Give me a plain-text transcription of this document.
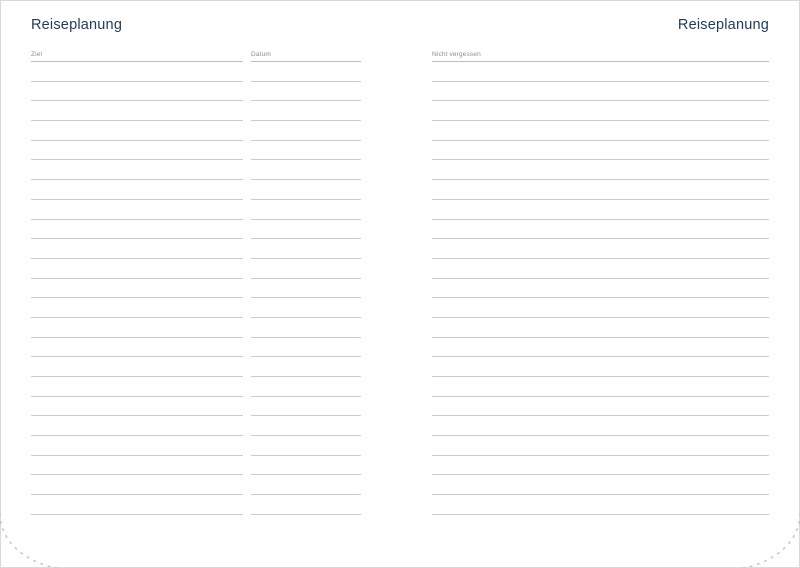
Reiseplanung	Reiseplanung
Ziel	Datum	Nicht vergessen
